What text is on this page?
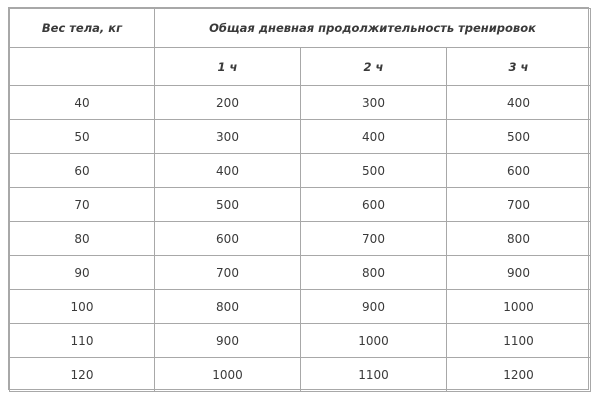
Вес тела, кг	Общая дневная продолжительность тренировок		
	1 ч	2 ч	3 ч
40	200	300	400
50	300	400	500
60	400	500	600
70	500	600	700
80	600	700	800
90	700	800	900
100	800	900	1000
110	900	1000	1100
120	1000	1100	1200
